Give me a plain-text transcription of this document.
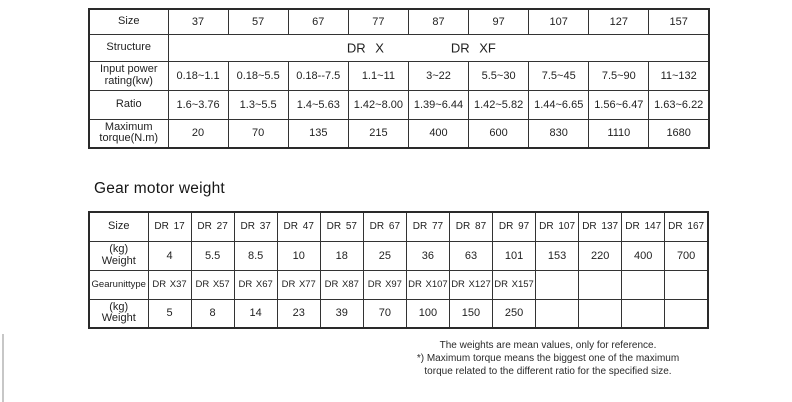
Size	37	57	67	77	87	97	107	127	157
Structure	DR X DR XF								

Input power
rating(kw)	0.18~1.1	0.18~5.5	0.18--7.5	1.1~11	3~22	5.5~30	7.5~45	7.5~90	11~132
Ratio	1.6~3.76	1.3~5.5	1.4~5.63	1.42~8.00	1.39~6.44	1.42~5.82	1.44~6.65	1.56~6.47	1.63~6.22

Maximum
torque(N.m)	20	70	135	215	400	600	830	1110	1680
Gear motor weight
Size	DR 17	DR 27	DR 37	DR 47	DR 57	DR 67	DR 77	DR 87	DR 97	DR 107	DR 137	DR 147	DR 167

(kg)
Weight	4	5.5	8.5	10	18	25	36	63	101	153	220	400	700
Gearunittype	DR X37	DR X57	DR X67	DR X77	DR X87	DR X97	DR X107	DR X127	DR X157				

(kg)
Weight	5	8	14	23	39	70	100	150	250				
The weights are mean values, only for reference.
*) Maximum torque means the biggest one of the maximum
torque related to the different ratio for the specified size.
